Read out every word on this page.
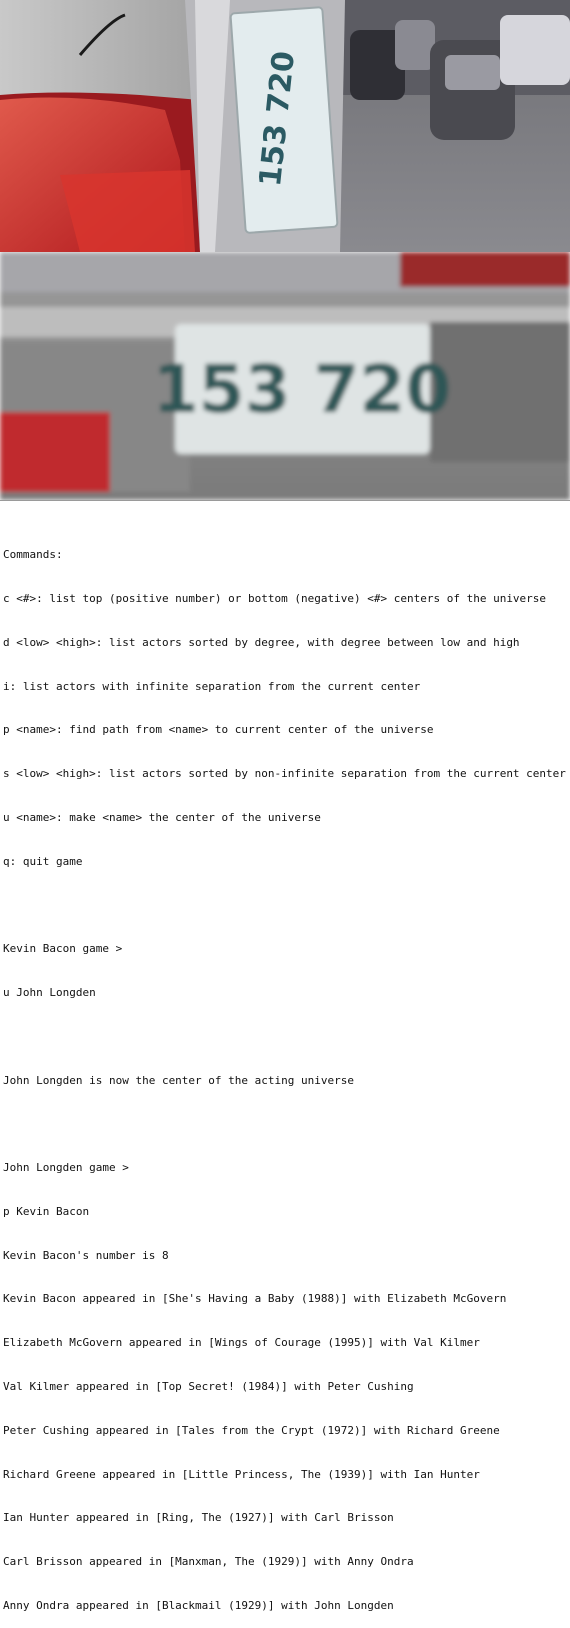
153 720
153 720

Commands:

c <#>: list top (positive number) or bottom (negative) <#> centers of the universe

d <low> <high>: list actors sorted by degree, with degree between low and high

i: list actors with infinite separation from the current center

p <name>: find path from <name> to current center of the universe

s <low> <high>: list actors sorted by non-infinite separation from the current center

u <name>: make <name> the center of the universe

q: quit game

Kevin Bacon game >

u John Longden

John Longden is now the center of the acting universe

John Longden game >

p Kevin Bacon

Kevin Bacon's number is 8

Kevin Bacon appeared in [She's Having a Baby (1988)] with Elizabeth McGovern

Elizabeth McGovern appeared in [Wings of Courage (1995)] with Val Kilmer

Val Kilmer appeared in [Top Secret! (1984)] with Peter Cushing

Peter Cushing appeared in [Tales from the Crypt (1972)] with Richard Greene

Richard Greene appeared in [Little Princess, The (1939)] with Ian Hunter

Ian Hunter appeared in [Ring, The (1927)] with Carl Brisson

Carl Brisson appeared in [Manxman, The (1929)] with Anny Ondra

Anny Ondra appeared in [Blackmail (1929)] with John Longden
